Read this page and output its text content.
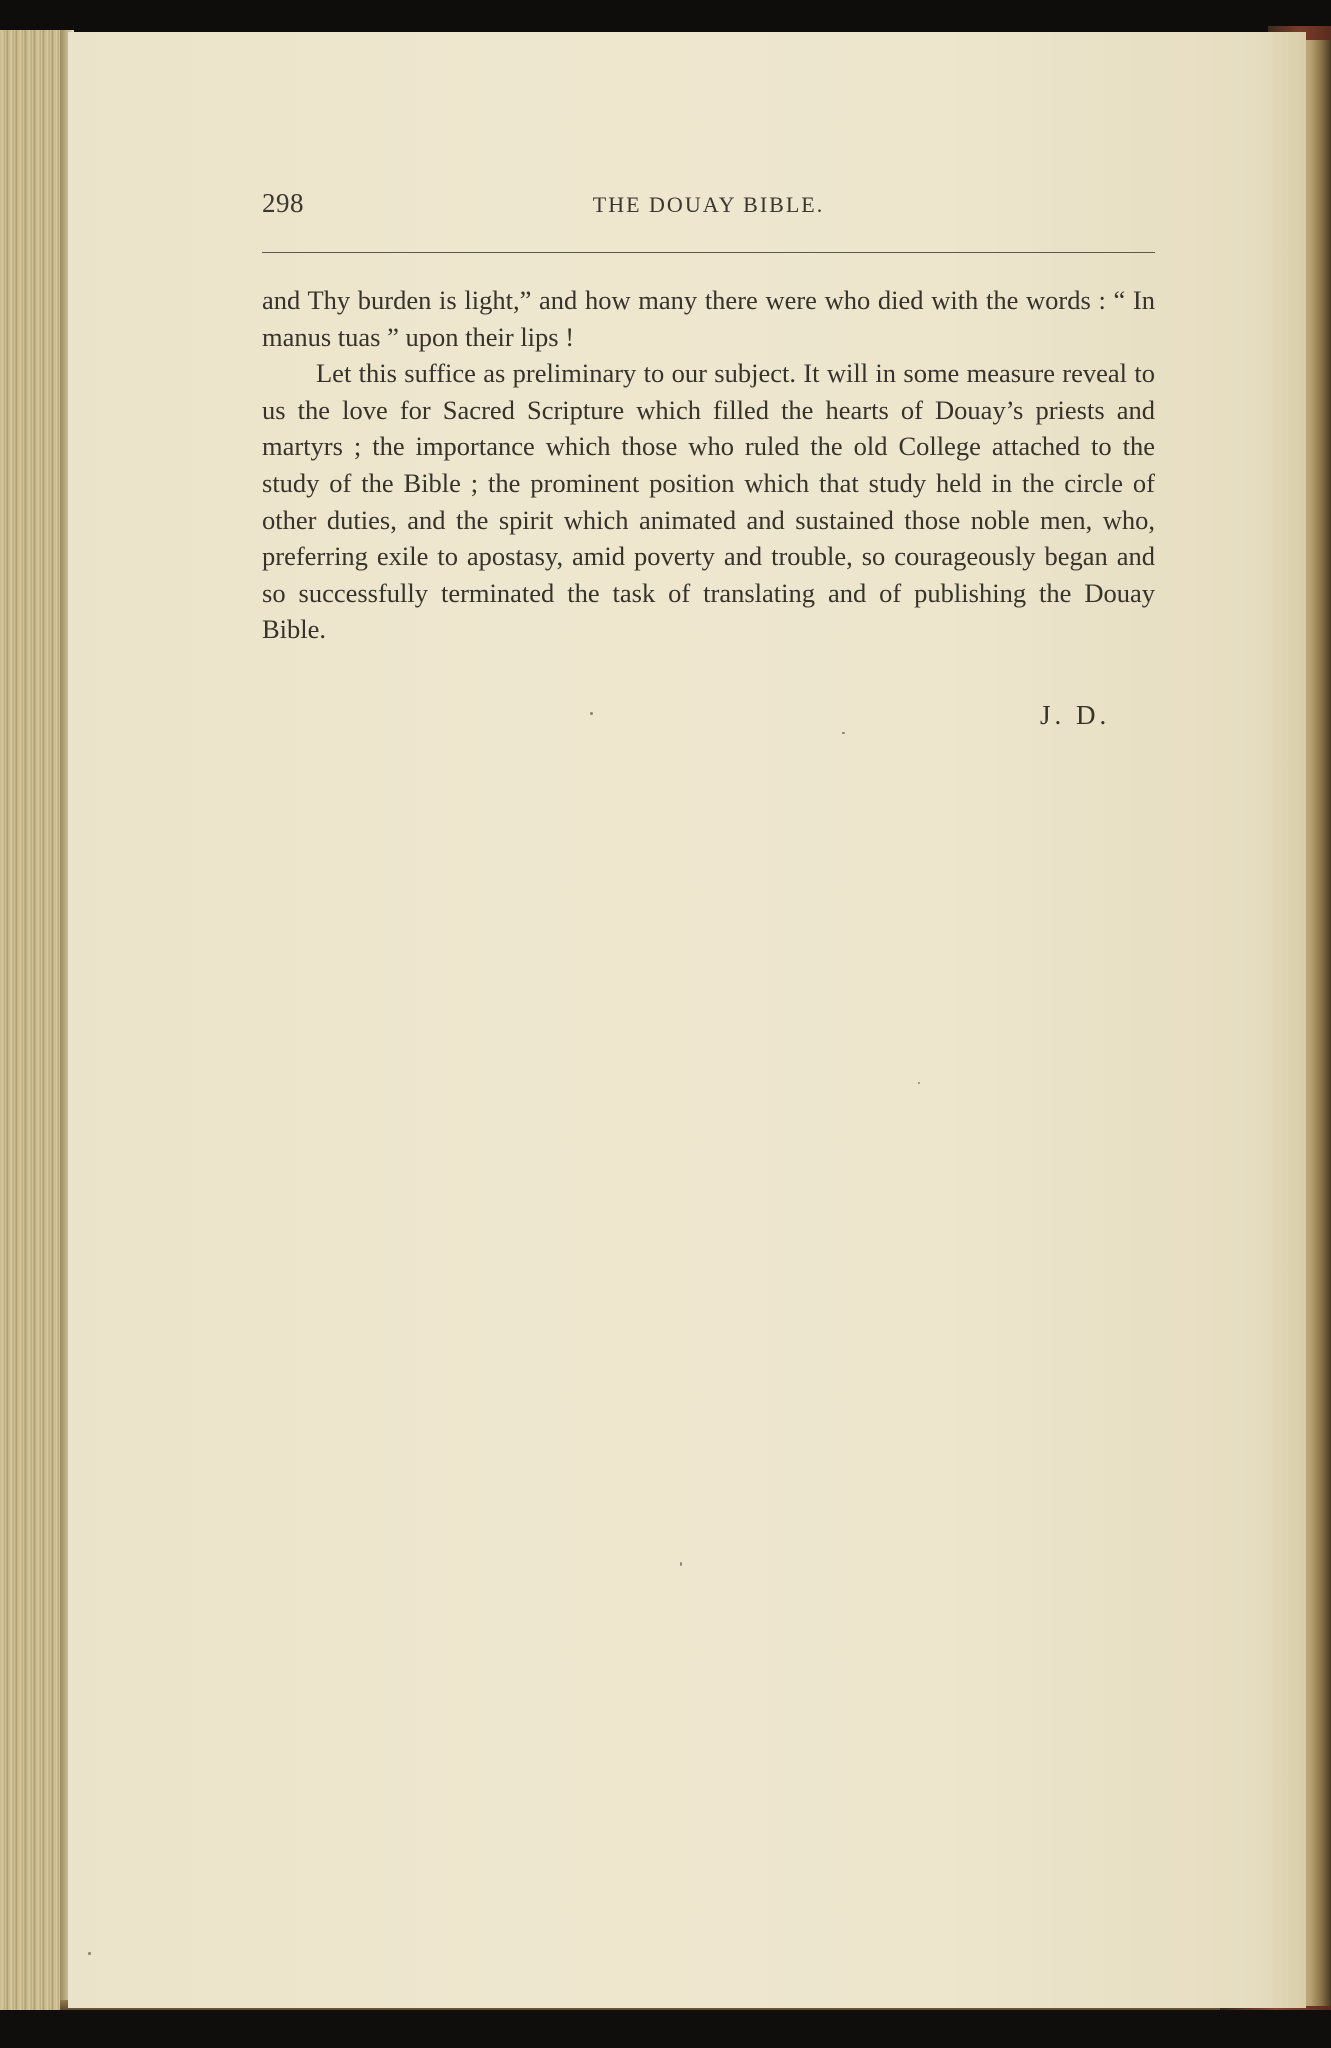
298	THE DOUAY BIBLE.

and Thy burden is light,” and how many there were who died with the words : “ In manus tuas ” upon their lips !

Let this suffice as preliminary to our subject. It will in some measure reveal to us the love for Sacred Scripture which filled the hearts of Douay’s priests and martyrs ; the importance which those who ruled the old College attached to the study of the Bible ; the prominent position which that study held in the circle of other duties, and the spirit which animated and sustained those noble men, who, preferring exile to apostasy, amid poverty and trouble, so courageously began and so successfully terminated the task of translating and of publishing the Douay Bible.

J. D.
